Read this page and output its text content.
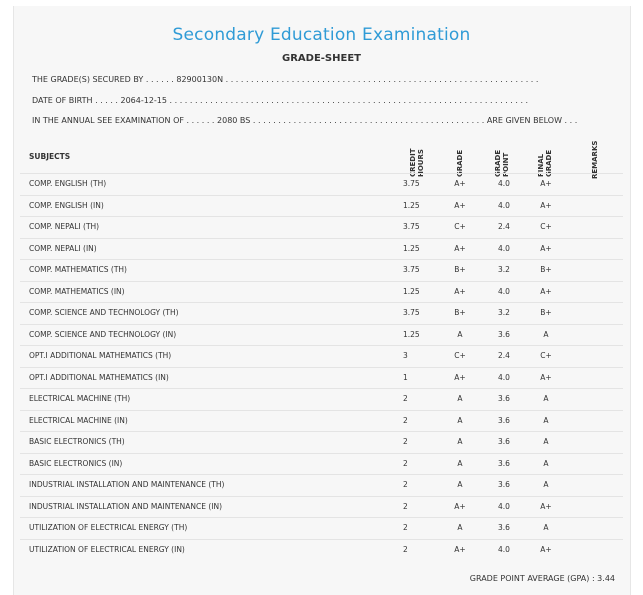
Secondary Education Examination
GRADE-SHEET
THE GRADE(S) SECURED BY . . . . . . 82900130N . . . . . . . . . . . . . . . . . . . . . . . . . . . . . . . . . . . . . . . . . . . . . . . . . . . . . . . . . . . . . .
DATE OF BIRTH . . . . . 2064-12-15 . . . . . . . . . . . . . . . . . . . . . . . . . . . . . . . . . . . . . . . . . . . . . . . . . . . . . . . . . . . . . . . . . . . . . . .
IN THE ANNUAL SEE EXAMINATION OF . . . . . . 2080 BS . . . . . . . . . . . . . . . . . . . . . . . . . . . . . . . . . . . . . . . . . . . . . . ARE GIVEN BELOW . . .
SUBJECTS	CREDIT HOURS	GRADE	GRADE POINT	FINAL GRADE	REMARKS
COMP. ENGLISH (TH)	3.75	A+	4.0	A+
COMP. ENGLISH (IN)	1.25	A+	4.0	A+
COMP. NEPALI (TH)	3.75	C+	2.4	C+
COMP. NEPALI (IN)	1.25	A+	4.0	A+
COMP. MATHEMATICS (TH)	3.75	B+	3.2	B+
COMP. MATHEMATICS (IN)	1.25	A+	4.0	A+
COMP. SCIENCE AND TECHNOLOGY (TH)	3.75	B+	3.2	B+
COMP. SCIENCE AND TECHNOLOGY (IN)	1.25	A	3.6	A
OPT.I ADDITIONAL MATHEMATICS (TH)	3	C+	2.4	C+
OPT.I ADDITIONAL MATHEMATICS (IN)	1	A+	4.0	A+
ELECTRICAL MACHINE (TH)	2	A	3.6	A
ELECTRICAL MACHINE (IN)	2	A	3.6	A
BASIC ELECTRONICS (TH)	2	A	3.6	A
BASIC ELECTRONICS (IN)	2	A	3.6	A
INDUSTRIAL INSTALLATION AND MAINTENANCE (TH)	2	A	3.6	A
INDUSTRIAL INSTALLATION AND MAINTENANCE (IN)	2	A+	4.0	A+
UTILIZATION OF ELECTRICAL ENERGY (TH)	2	A	3.6	A
UTILIZATION OF ELECTRICAL ENERGY (IN)	2	A+	4.0	A+
GRADE POINT AVERAGE (GPA) : 3.44
